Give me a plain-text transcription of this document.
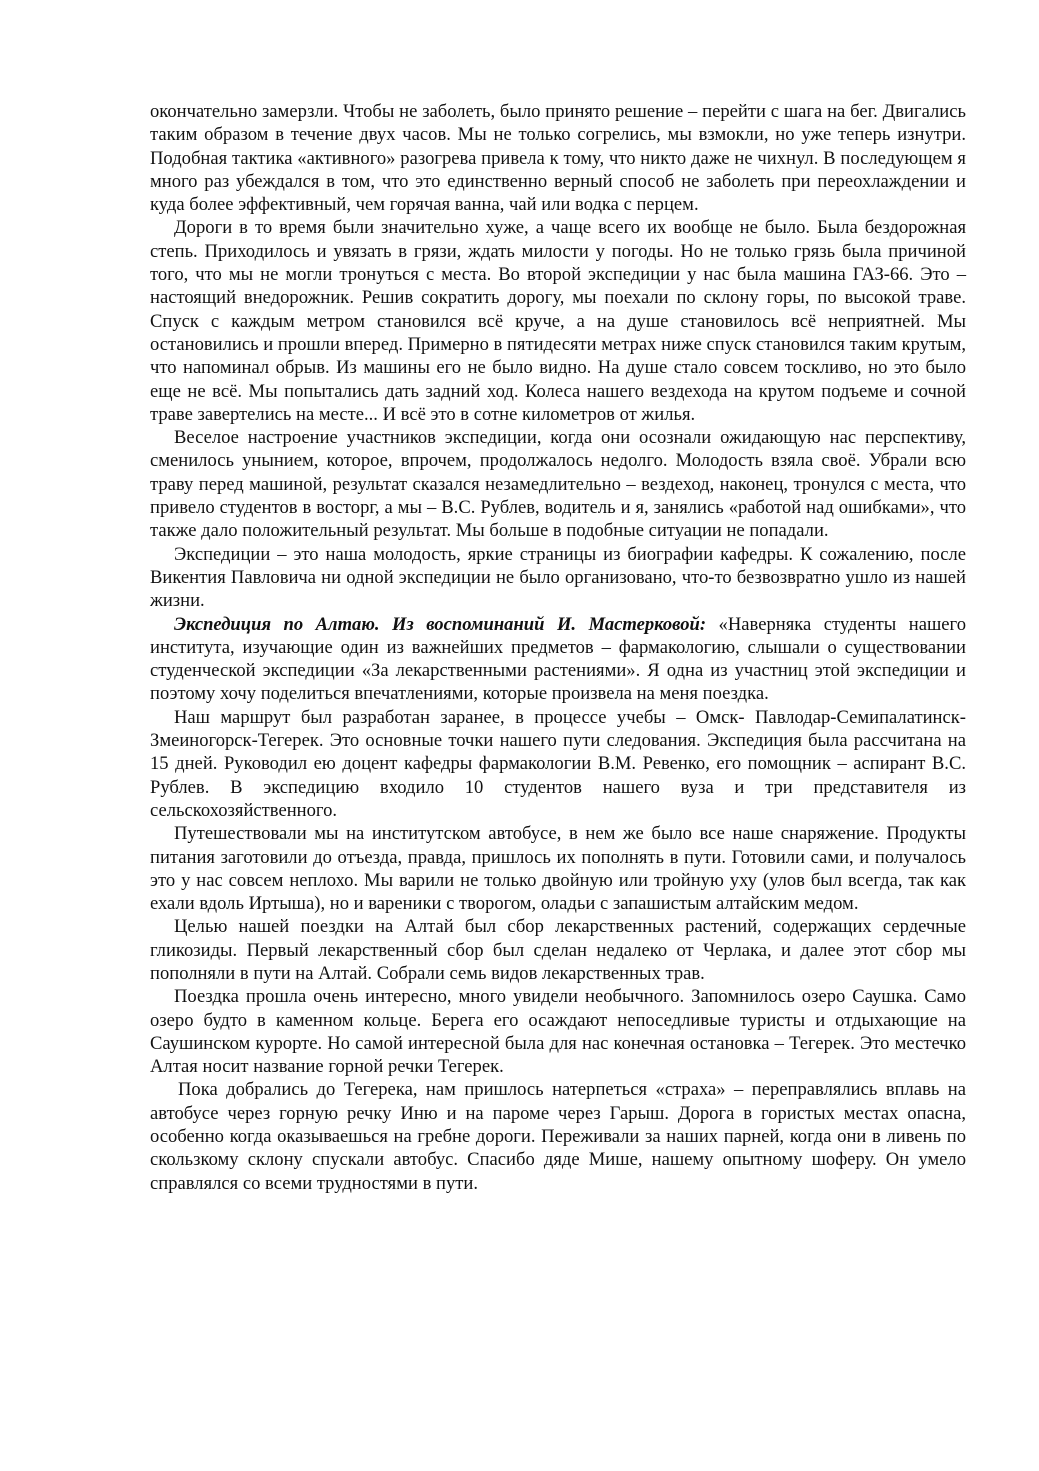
окончательно замерзли. Чтобы не заболеть, было принято решение – перейти с шага на бег. Двигались таким образом в течение двух часов. Мы не только согрелись, мы взмокли, но уже теперь изнутри. Подобная тактика «активного» разогрева привела к тому, что никто даже не чихнул. В последующем я много раз убеждался в том, что это единственно верный способ не заболеть при переохлаждении и куда более эффективный, чем горячая ванна, чай или водка с перцем.

Дороги в то время были значительно хуже, а чаще всего их вообще не было. Была бездорожная степь. Приходилось и увязать в грязи, ждать милости у погоды. Но не только грязь была причиной того, что мы не могли тронуться с места. Во второй экспедиции у нас была машина ГАЗ-66. Это – настоящий внедорожник. Решив сократить дорогу, мы поехали по склону горы, по высокой траве. Спуск с каждым метром становился всё круче, а на душе становилось всё неприятней. Мы остановились и прошли вперед. Примерно в пятидесяти метрах ниже спуск становился таким крутым, что напоминал обрыв. Из машины его не было видно. На душе стало совсем тоскливо, но это было еще не всё. Мы попытались дать задний ход. Колеса нашего вездехода на крутом подъеме и сочной траве завертелись на месте... И всё это в сотне километров от жилья.

Веселое настроение участников экспедиции, когда они осознали ожидающую нас перспективу, сменилось унынием, которое, впрочем, продолжалось недолго. Молодость взяла своё. Убрали всю траву перед машиной, результат сказался незамедлительно – вездеход, наконец, тронулся с места, что привело студентов в восторг, а мы – В.С. Рублев, водитель и я, занялись «работой над ошибками», что также дало положительный результат. Мы больше в подобные ситуации не попадали.

Экспедиции – это наша молодость, яркие страницы из биографии кафедры. К сожалению, после Викентия Павловича ни одной экспедиции не было организовано, что-то безвозвратно ушло из нашей жизни.

Экспедиция по Алтаю. Из воспоминаний И. Мастерковой: «Наверняка студенты нашего института, изучающие один из важнейших предметов – фармакологию, слышали о существовании студенческой экспедиции «За лекарственными растениями». Я одна из участниц этой экспедиции и поэтому хочу поделиться впечатлениями, которые произвела на меня поездка.

Наш маршрут был разработан заранее, в процессе учебы – Омск- Павлодар-Семипалатинск-Змеиногорск-Тегерек. Это основные точки нашего пути следования. Экспедиция была рассчитана на 15 дней. Руководил ею доцент кафедры фармакологии В.М. Ревенко, его помощник – аспирант В.С. Рублев. В экспедицию входило 10 студентов нашего вуза и три представителя из сельскохозяйственного.

Путешествовали мы на институтском автобусе, в нем же было все наше снаряжение. Продукты питания заготовили до отъезда, правда, пришлось их пополнять в пути. Готовили сами, и получалось это у нас совсем неплохо. Мы варили не только двойную или тройную уху (улов был всегда, так как ехали вдоль Иртыша), но и вареники с творогом, оладьи с запашистым алтайским медом.

Целью нашей поездки на Алтай был сбор лекарственных растений, содержащих сердечные гликозиды. Первый лекарственный сбор был сделан недалеко от Черлака, и далее этот сбор мы пополняли в пути на Алтай. Собрали семь видов лекарственных трав.

Поездка прошла очень интересно, много увидели необычного. Запомнилось озеро Саушка. Само озеро будто в каменном кольце. Берега его осаждают непоседливые туристы и отдыхающие на Саушинском курорте. Но самой интересной была для нас конечная остановка – Тегерек. Это местечко Алтая носит название горной речки Тегерек.

Пока добрались до Тегерека, нам пришлось натерпеться «страха» – переправлялись вплавь на автобусе через горную речку Иню и на пароме через Гарыш. Дорога в гористых местах опасна, особенно когда оказываешься на гребне дороги. Переживали за наших парней, когда они в ливень по скользкому склону спускали автобус. Спасибо дяде Мише, нашему опытному шоферу. Он умело справлялся со всеми трудностями в пути.
